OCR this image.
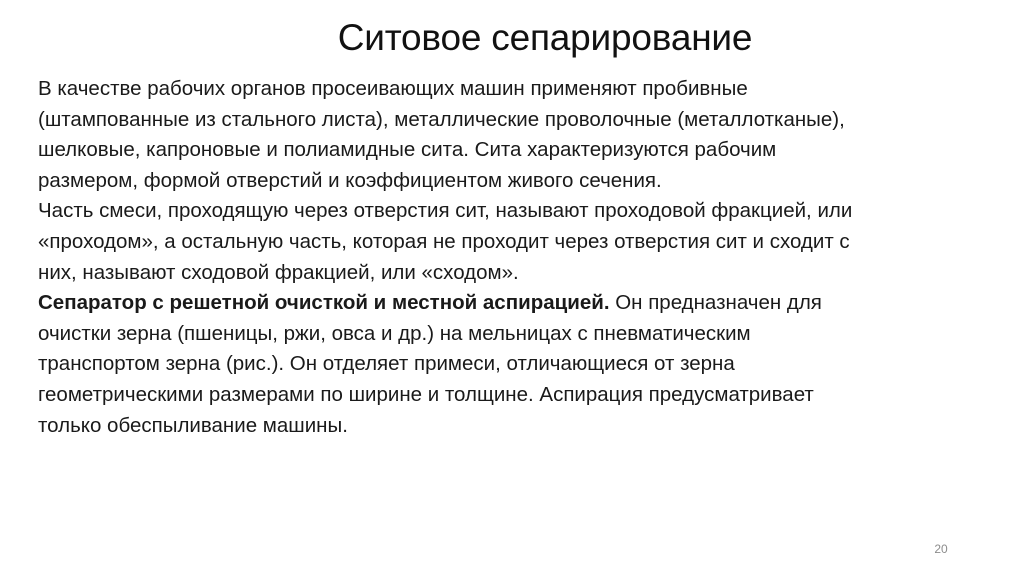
Ситовое сепарирование
В качестве рабочих органов просеивающих машин применяют пробивные
(штампованные из стального листа), металлические проволочные (металлотканые),
шелковые, капроновые и полиамидные сита. Сита характеризуются рабочим
размером, формой отверстий и коэффициентом живого сечения.
Часть смеси, проходящую через отверстия сит, называют проходовой фракцией, или
«проходом», а остальную часть, которая не проходит через отверстия сит и сходит с
них, называют сходовой фракцией, или «сходом».
Сепаратор с решетной очисткой и местной аспирацией. Он предназначен для
очистки зерна (пшеницы, ржи, овса и др.) на мельницах с пневматическим
транспортом зерна (рис.). Он отделяет примеси, отличающиеся от зерна
геометрическими размерами по ширине и толщине. Аспирация предусматривает
только обеспыливание машины.
20
